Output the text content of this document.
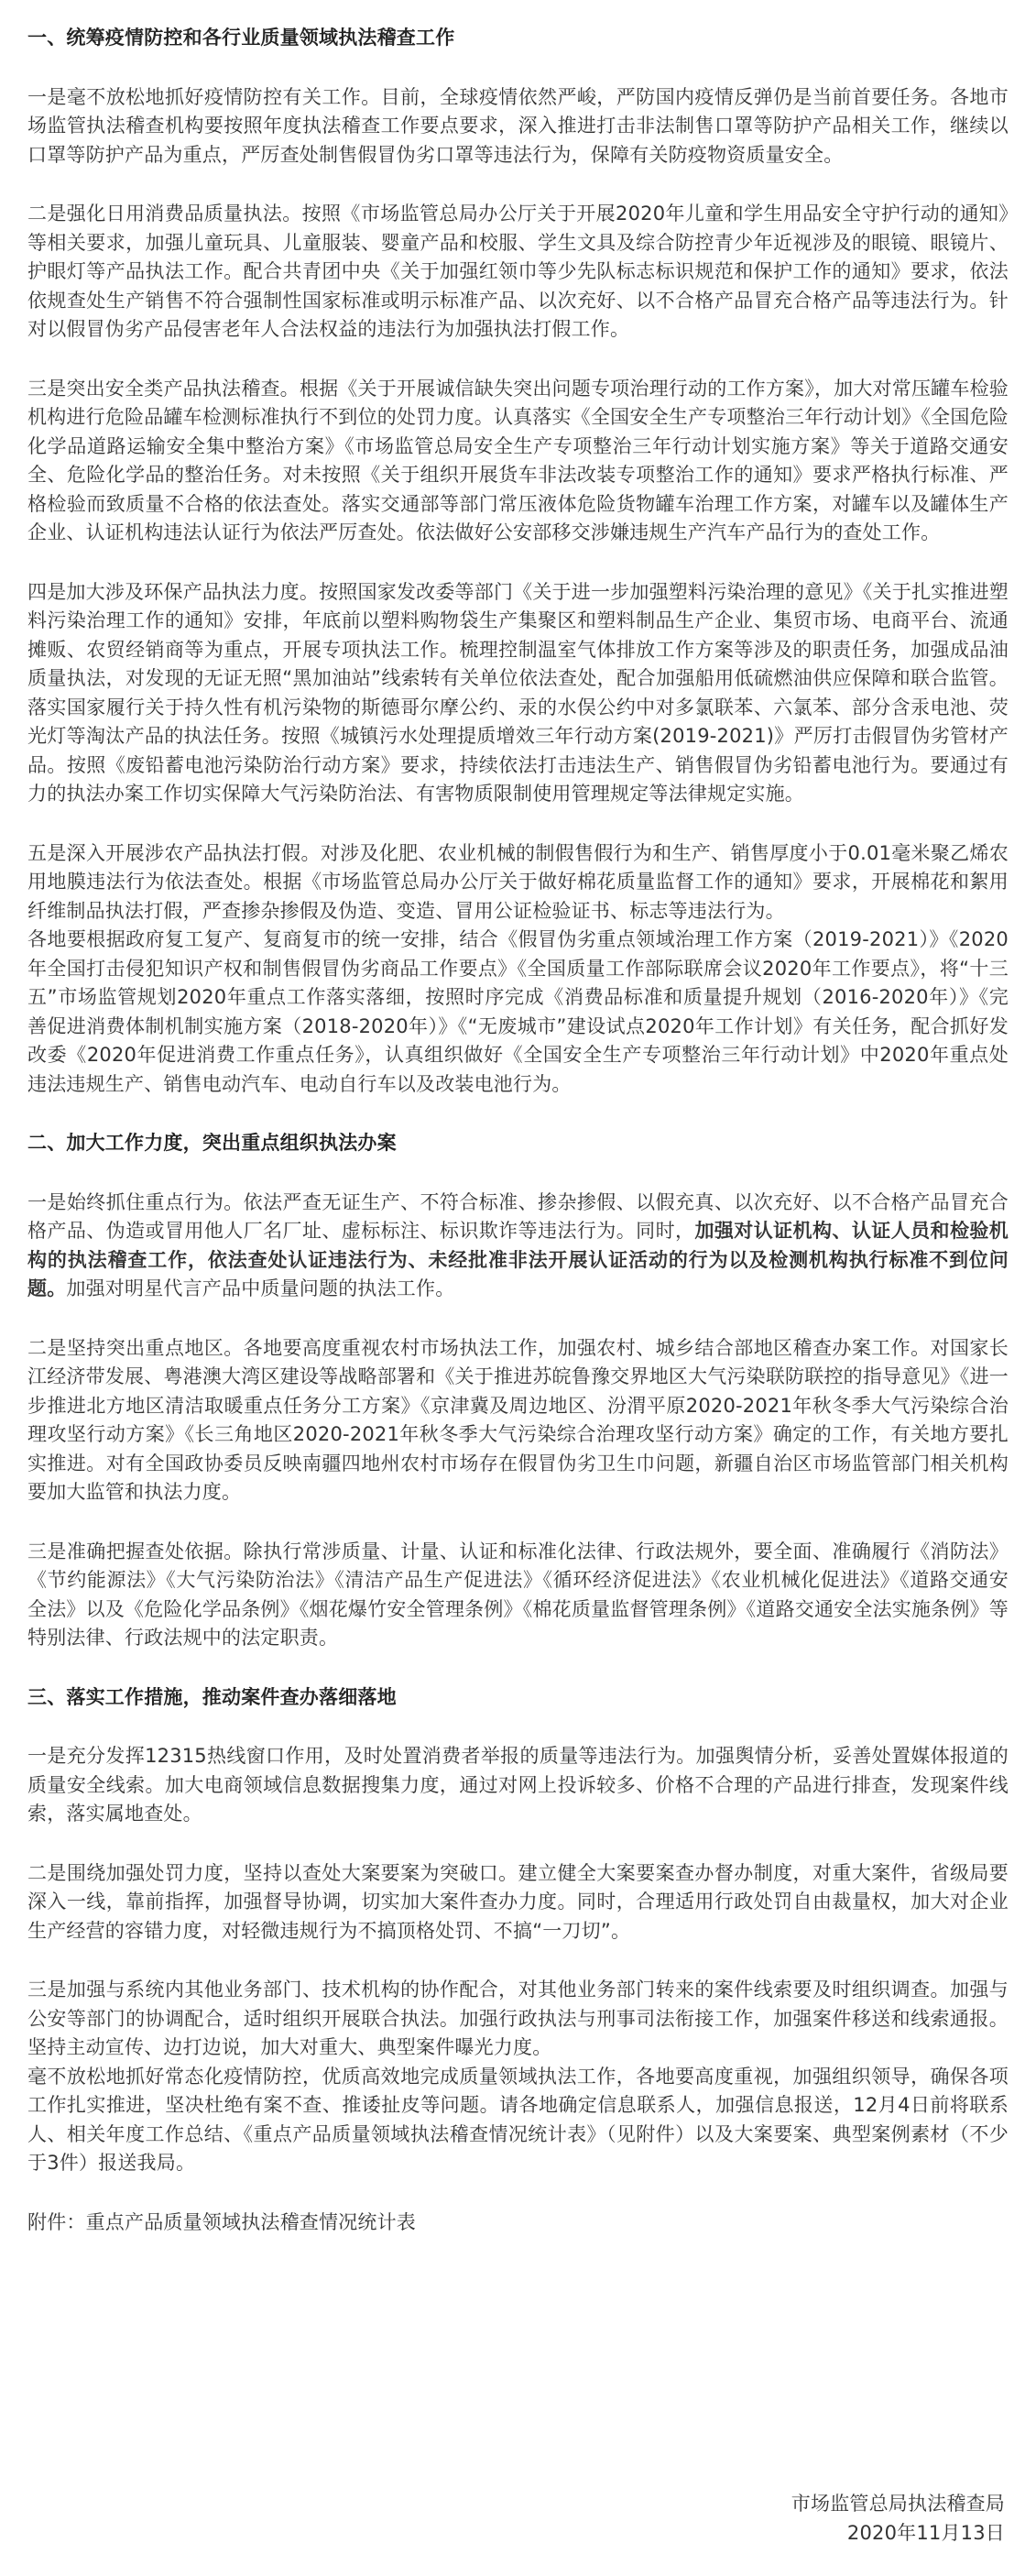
一、统筹疫情防控和各行业质量领域执法稽查工作

一是毫不放松地抓好疫情防控有关工作。目前，全球疫情依然严峻，严防国内疫情反弹仍是当前首要任务。各地市场监管执法稽查机构要按照年度执法稽查工作要点要求，深入推进打击非法制售口罩等防护产品相关工作，继续以口罩等防护产品为重点，严厉查处制售假冒伪劣口罩等违法行为，保障有关防疫物资质量安全。

二是强化日用消费品质量执法。按照《市场监管总局办公厅关于开展2020年儿童和学生用品安全守护行动的通知》等相关要求，加强儿童玩具、儿童服装、婴童产品和校服、学生文具及综合防控青少年近视涉及的眼镜、眼镜片、护眼灯等产品执法工作。配合共青团中央《关于加强红领巾等少先队标志标识规范和保护工作的通知》要求，依法依规查处生产销售不符合强制性国家标准或明示标准产品、以次充好、以不合格产品冒充合格产品等违法行为。针对以假冒伪劣产品侵害老年人合法权益的违法行为加强执法打假工作。

三是突出安全类产品执法稽查。根据《关于开展诚信缺失突出问题专项治理行动的工作方案》，加大对常压罐车检验机构进行危险品罐车检测标准执行不到位的处罚力度。认真落实《全国安全生产专项整治三年行动计划》《全国危险化学品道路运输安全集中整治方案》《市场监管总局安全生产专项整治三年行动计划实施方案》等关于道路交通安全、危险化学品的整治任务。对未按照《关于组织开展货车非法改装专项整治工作的通知》要求严格执行标准、严格检验而致质量不合格的依法查处。落实交通部等部门常压液体危险货物罐车治理工作方案，对罐车以及罐体生产企业、认证机构违法认证行为依法严厉查处。依法做好公安部移交涉嫌违规生产汽车产品行为的查处工作。

四是加大涉及环保产品执法力度。按照国家发改委等部门《关于进一步加强塑料污染治理的意见》《关于扎实推进塑料污染治理工作的通知》安排，年底前以塑料购物袋生产集聚区和塑料制品生产企业、集贸市场、电商平台、流通摊贩、农贸经销商等为重点，开展专项执法工作。梳理控制温室气体排放工作方案等涉及的职责任务，加强成品油质量执法，对发现的无证无照“黑加油站”线索转有关单位依法查处，配合加强船用低硫燃油供应保障和联合监管。落实国家履行关于持久性有机污染物的斯德哥尔摩公约、汞的水俣公约中对多氯联苯、六氯苯、部分含汞电池、荧光灯等淘汰产品的执法任务。按照《城镇污水处理提质增效三年行动方案(2019-2021)》严厉打击假冒伪劣管材产品。按照《废铅蓄电池污染防治行动方案》要求，持续依法打击违法生产、销售假冒伪劣铅蓄电池行为。要通过有力的执法办案工作切实保障大气污染防治法、有害物质限制使用管理规定等法律规定实施。

五是深入开展涉农产品执法打假。对涉及化肥、农业机械的制假售假行为和生产、销售厚度小于0.01毫米聚乙烯农用地膜违法行为依法查处。根据《市场监管总局办公厅关于做好棉花质量监督工作的通知》要求，开展棉花和絮用纤维制品执法打假，严查掺杂掺假及伪造、变造、冒用公证检验证书、标志等违法行为。

各地要根据政府复工复产、复商复市的统一安排，结合《假冒伪劣重点领域治理工作方案（2019-2021）》《2020年全国打击侵犯知识产权和制售假冒伪劣商品工作要点》《全国质量工作部际联席会议2020年工作要点》，将“十三五”市场监管规划2020年重点工作落实落细，按照时序完成《消费品标准和质量提升规划（2016-2020年）》《完善促进消费体制机制实施方案（2018-2020年）》《“无废城市”建设试点2020年工作计划》有关任务，配合抓好发改委《2020年促进消费工作重点任务》，认真组织做好《全国安全生产专项整治三年行动计划》中2020年重点处违法违规生产、销售电动汽车、电动自行车以及改装电池行为。

二、加大工作力度，突出重点组织执法办案

一是始终抓住重点行为。依法严查无证生产、不符合标准、掺杂掺假、以假充真、以次充好、以不合格产品冒充合格产品、伪造或冒用他人厂名厂址、虚标标注、标识欺诈等违法行为。同时，加强对认证机构、认证人员和检验机构的执法稽查工作，依法查处认证违法行为、未经批准非法开展认证活动的行为以及检测机构执行标准不到位问题。加强对明星代言产品中质量问题的执法工作。

二是坚持突出重点地区。各地要高度重视农村市场执法工作，加强农村、城乡结合部地区稽查办案工作。对国家长江经济带发展、粤港澳大湾区建设等战略部署和《关于推进苏皖鲁豫交界地区大气污染联防联控的指导意见》《进一步推进北方地区清洁取暖重点任务分工方案》《京津冀及周边地区、汾渭平原2020-2021年秋冬季大气污染综合治理攻坚行动方案》《长三角地区2020-2021年秋冬季大气污染综合治理攻坚行动方案》确定的工作，有关地方要扎实推进。对有全国政协委员反映南疆四地州农村市场存在假冒伪劣卫生巾问题，新疆自治区市场监管部门相关机构要加大监管和执法力度。

三是准确把握查处依据。除执行常涉质量、计量、认证和标准化法律、行政法规外，要全面、准确履行《消防法》《节约能源法》《大气污染防治法》《清洁产品生产促进法》《循环经济促进法》《农业机械化促进法》《道路交通安全法》以及《危险化学品条例》《烟花爆竹安全管理条例》《棉花质量监督管理条例》《道路交通安全法实施条例》等特别法律、行政法规中的法定职责。

三、落实工作措施，推动案件查办落细落地

一是充分发挥12315热线窗口作用，及时处置消费者举报的质量等违法行为。加强舆情分析，妥善处置媒体报道的质量安全线索。加大电商领域信息数据搜集力度，通过对网上投诉较多、价格不合理的产品进行排查，发现案件线索，落实属地查处。

二是围绕加强处罚力度，坚持以查处大案要案为突破口。建立健全大案要案查办督办制度，对重大案件，省级局要深入一线，靠前指挥，加强督导协调，切实加大案件查办力度。同时，合理适用行政处罚自由裁量权，加大对企业生产经营的容错力度，对轻微违规行为不搞顶格处罚、不搞“一刀切”。

三是加强与系统内其他业务部门、技术机构的协作配合，对其他业务部门转来的案件线索要及时组织调查。加强与公安等部门的协调配合，适时组织开展联合执法。加强行政执法与刑事司法衔接工作，加强案件移送和线索通报。坚持主动宣传、边打边说，加大对重大、典型案件曝光力度。

毫不放松地抓好常态化疫情防控，优质高效地完成质量领域执法工作，各地要高度重视，加强组织领导，确保各项工作扎实推进，坚决杜绝有案不查、推诿扯皮等问题。请各地确定信息联系人，加强信息报送，12月4日前将联系人、相关年度工作总结、《重点产品质量领域执法稽查情况统计表》（见附件）以及大案要案、典型案例素材（不少于3件）报送我局。

附件：重点产品质量领域执法稽查情况统计表

市场监管总局执法稽查局
2020年11月13日
